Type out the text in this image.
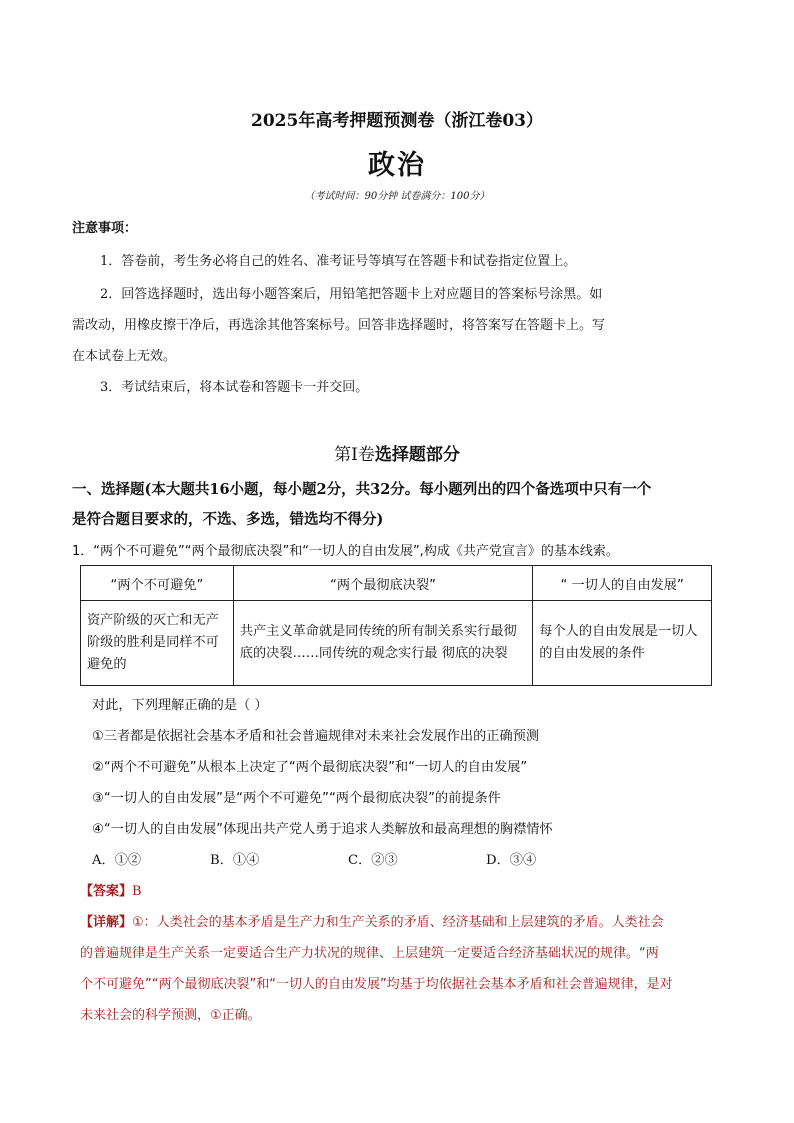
2025年高考押题预测卷（浙江卷03）
政治
（考试时间：90分钟 试卷满分：100分）
注意事项：
1．答卷前，考生务必将自己的姓名、准考证号等填写在答题卡和试卷指定位置上。
2．回答选择题时，选出每小题答案后，用铅笔把答题卡上对应题目的答案标号涂黑。如
需改动，用橡皮擦干净后，再选涂其他答案标号。回答非选择题时，将答案写在答题卡上。写
在本试卷上无效。
3．考试结束后，将本试卷和答题卡一并交回。
第Ⅰ卷选择题部分
一、选择题(本大题共16小题，每小题2分，共32分。每小题列出的四个备选项中只有一个
是符合题目要求的，不选、多选，错选均不得分)
1．“两个不可避免”“两个最彻底决裂”和“一切人的自由发展”,构成《共产党宣言》的基本线索。
“两个不可避免”	“两个最彻底决裂”	“ 一切人的自由发展”
资产阶级的灭亡和无产阶级的胜利是同样不可避免的	共产主义革命就是同传统的所有制关系实行最彻底的决裂……同传统的观念实行最 彻底的决裂	每个人的自由发展是一切人的自由发展的条件
对此，下列理解正确的是（ ）
①三者都是依据社会基本矛盾和社会普遍规律对未来社会发展作出的正确预测
②“两个不可避免”从根本上决定了“两个最彻底决裂”和“一切人的自由发展”
③“一切人的自由发展”是“两个不可避免”“两个最彻底决裂”的前提条件
④“一切人的自由发展”体现出共产党人勇于追求人类解放和最高理想的胸襟情怀
A．①②	B．①④	C．②③	D．③④
【答案】B
【详解】①：人类社会的基本矛盾是生产力和生产关系的矛盾、经济基础和上层建筑的矛盾。人类社会
的普遍规律是生产关系一定要适合生产力状况的规律、上层建筑一定要适合经济基础状况的规律。“两
个不可避免”“两个最彻底决裂”和“一切人的自由发展”均基于均依据社会基本矛盾和社会普遍规律，是对
未来社会的科学预测，①正确。
